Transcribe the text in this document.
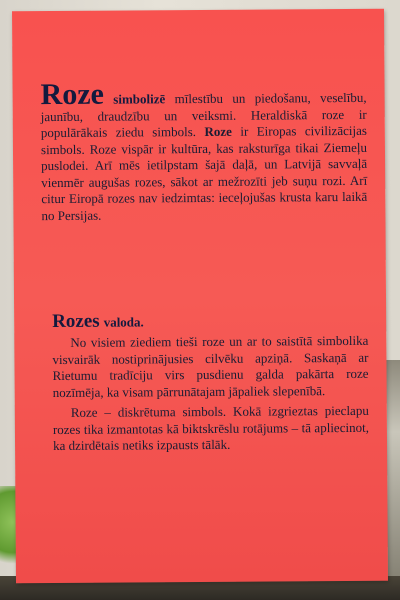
Roze simbolizē mīlestību un piedošanu, veselību, jaunību, draudzību un veiksmi. Heraldiskā roze ir populārākais ziedu simbols. Roze ir Eiropas civilizācijas simbols. Roze vispār ir kultūra, kas raksturīga tikai Ziemeļu puslodei. Arī mēs ietilpstam šajā daļā, un Latvijā savvaļā vienmēr augušas rozes, sākot ar mežrozīti jeb suņu rozi. Arī citur Eiropā rozes nav iedzimtas: ieceļojušas krusta karu laikā no Persijas.

Rozes valoda.

No visiem ziediem tieši roze un ar to saistītā simbolika visvairāk nostiprinājusies cilvēku apziņā. Saskaņā ar Rietumu tradīciju virs pusdienu galda pakārta roze nozīmēja, ka visam pārrunātajam jāpaliek slepenībā.

Roze – diskrētuma simbols. Kokā izgrieztas pieclapu rozes tika izmantotas kā biktskrēslu rotājums – tā apliecinot, ka dzirdētais netiks izpausts tālāk.
